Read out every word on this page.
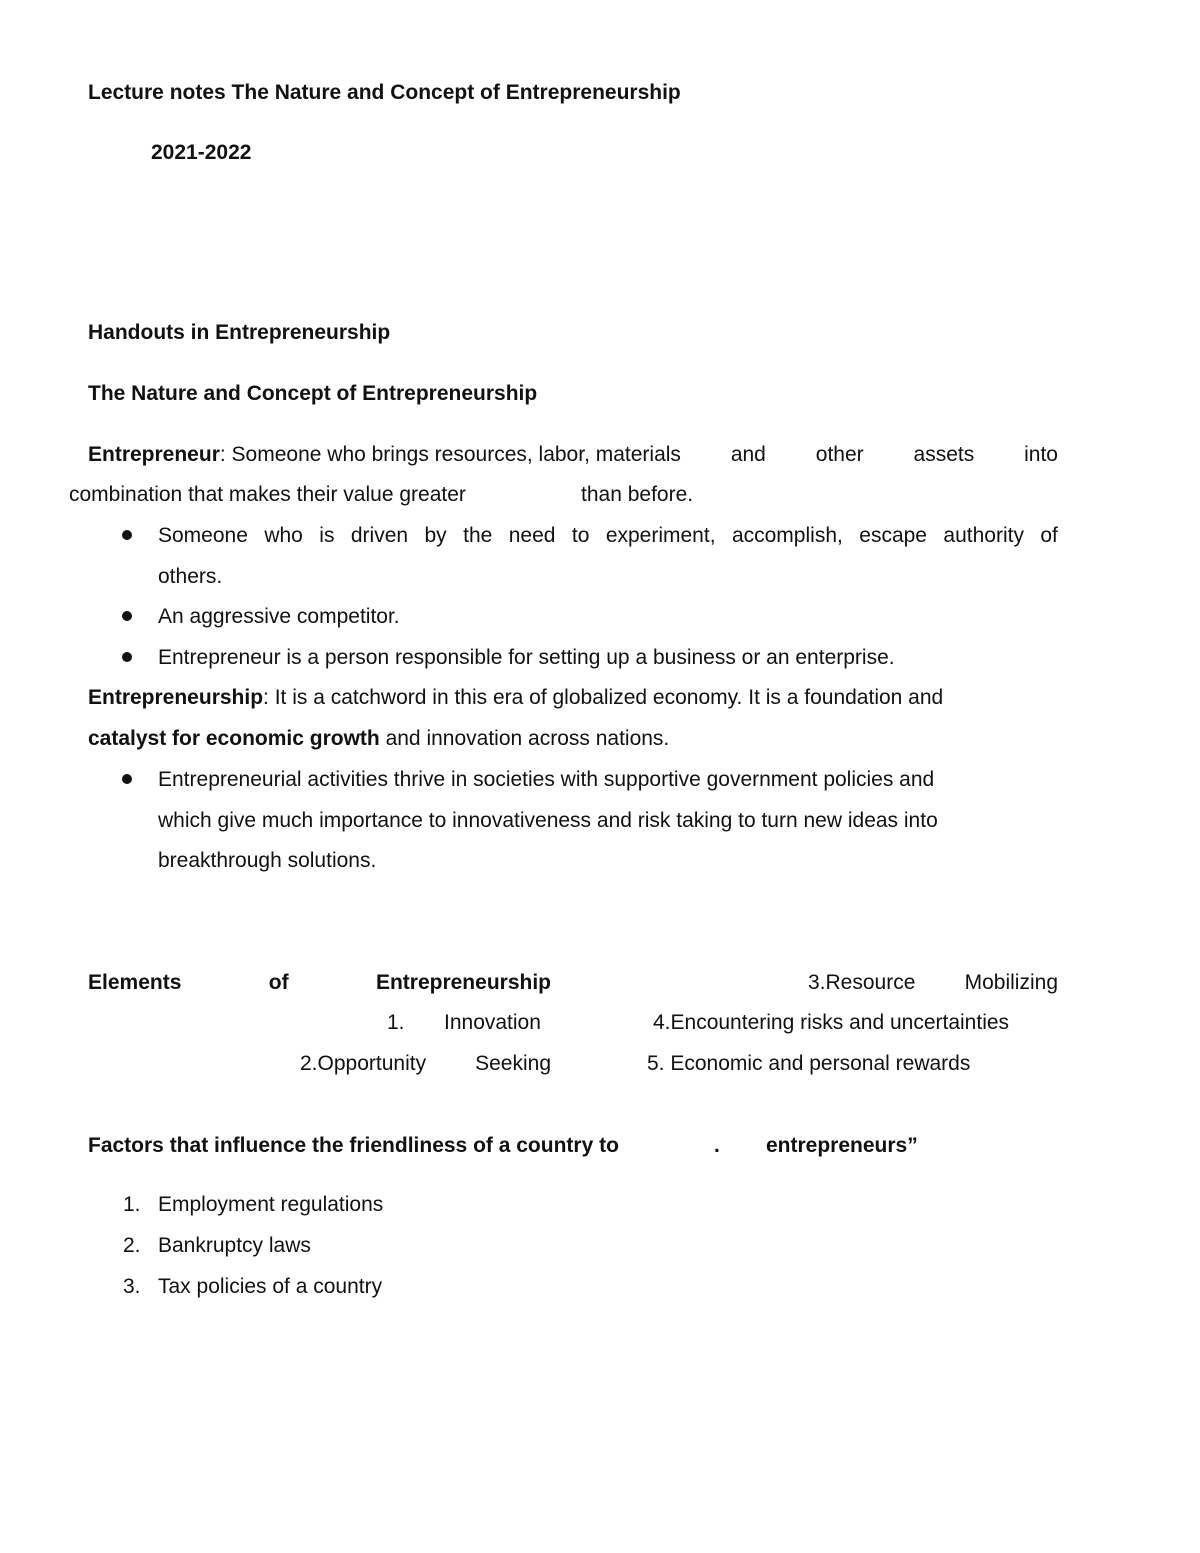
Lecture notes The Nature and Concept of Entrepreneurship
2021-2022
Handouts in Entrepreneurship
The Nature and Concept of Entrepreneurship
Entrepreneur: Someone who brings resources, labor, materials and other assets into
combination that makes their value greater	than before.
Someone who is driven by the need to experiment, accomplish, escape authority of
others.
An aggressive competitor.
Entrepreneur is a person responsible for setting up a business or an enterprise.
Entrepreneurship: It is a catchword in this era of globalized economy. It is a foundation and
catalyst for economic growth and innovation across nations.
Entrepreneurial activities thrive in societies with supportive government policies and
which give much importance to innovativeness and risk taking to turn new ideas into
breakthrough solutions.
Elements	of	Entrepreneurship	3.Resource Mobilizing
1. Innovation	4.Encountering risks and uncertainties
2.Opportunity Seeking	5. Economic and personal rewards
Factors that influence the friendliness of a country to	. entrepreneurs”
1. Employment regulations
2. Bankruptcy laws
3. Tax policies of a country
